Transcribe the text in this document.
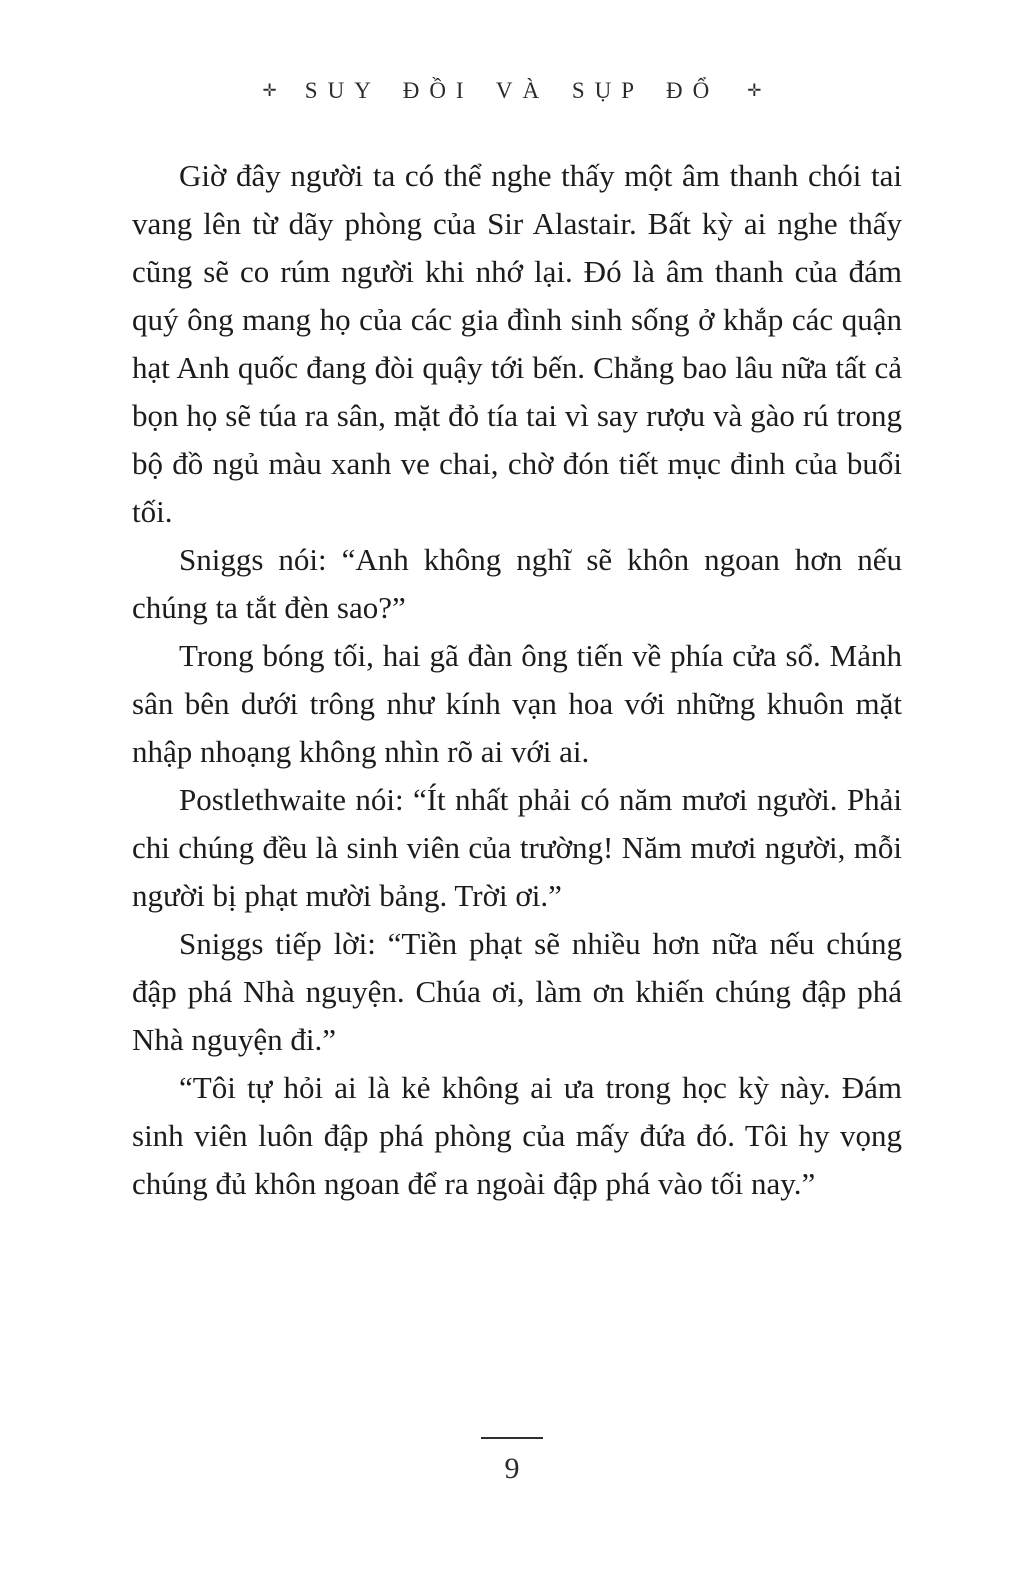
✛ SUY ĐỒI VÀ SỤP ĐỔ ✛

Giờ đây người ta có thể nghe thấy một âm thanh chói tai vang lên từ dãy phòng của Sir Alastair. Bất kỳ ai nghe thấy cũng sẽ co rúm người khi nhớ lại. Đó là âm thanh của đám quý ông mang họ của các gia đình sinh sống ở khắp các quận hạt Anh quốc đang đòi quậy tới bến. Chẳng bao lâu nữa tất cả bọn họ sẽ túa ra sân, mặt đỏ tía tai vì say rượu và gào rú trong bộ đồ ngủ màu xanh ve chai, chờ đón tiết mục đinh của buổi tối.

Sniggs nói: “Anh không nghĩ sẽ khôn ngoan hơn nếu chúng ta tắt đèn sao?”

Trong bóng tối, hai gã đàn ông tiến về phía cửa sổ. Mảnh sân bên dưới trông như kính vạn hoa với những khuôn mặt nhập nhoạng không nhìn rõ ai với ai.

Postlethwaite nói: “Ít nhất phải có năm mươi người. Phải chi chúng đều là sinh viên của trường! Năm mươi người, mỗi người bị phạt mười bảng. Trời ơi.”

Sniggs tiếp lời: “Tiền phạt sẽ nhiều hơn nữa nếu chúng đập phá Nhà nguyện. Chúa ơi, làm ơn khiến chúng đập phá Nhà nguyện đi.”

“Tôi tự hỏi ai là kẻ không ai ưa trong học kỳ này. Đám sinh viên luôn đập phá phòng của mấy đứa đó. Tôi hy vọng chúng đủ khôn ngoan để ra ngoài đập phá vào tối nay.”

9
